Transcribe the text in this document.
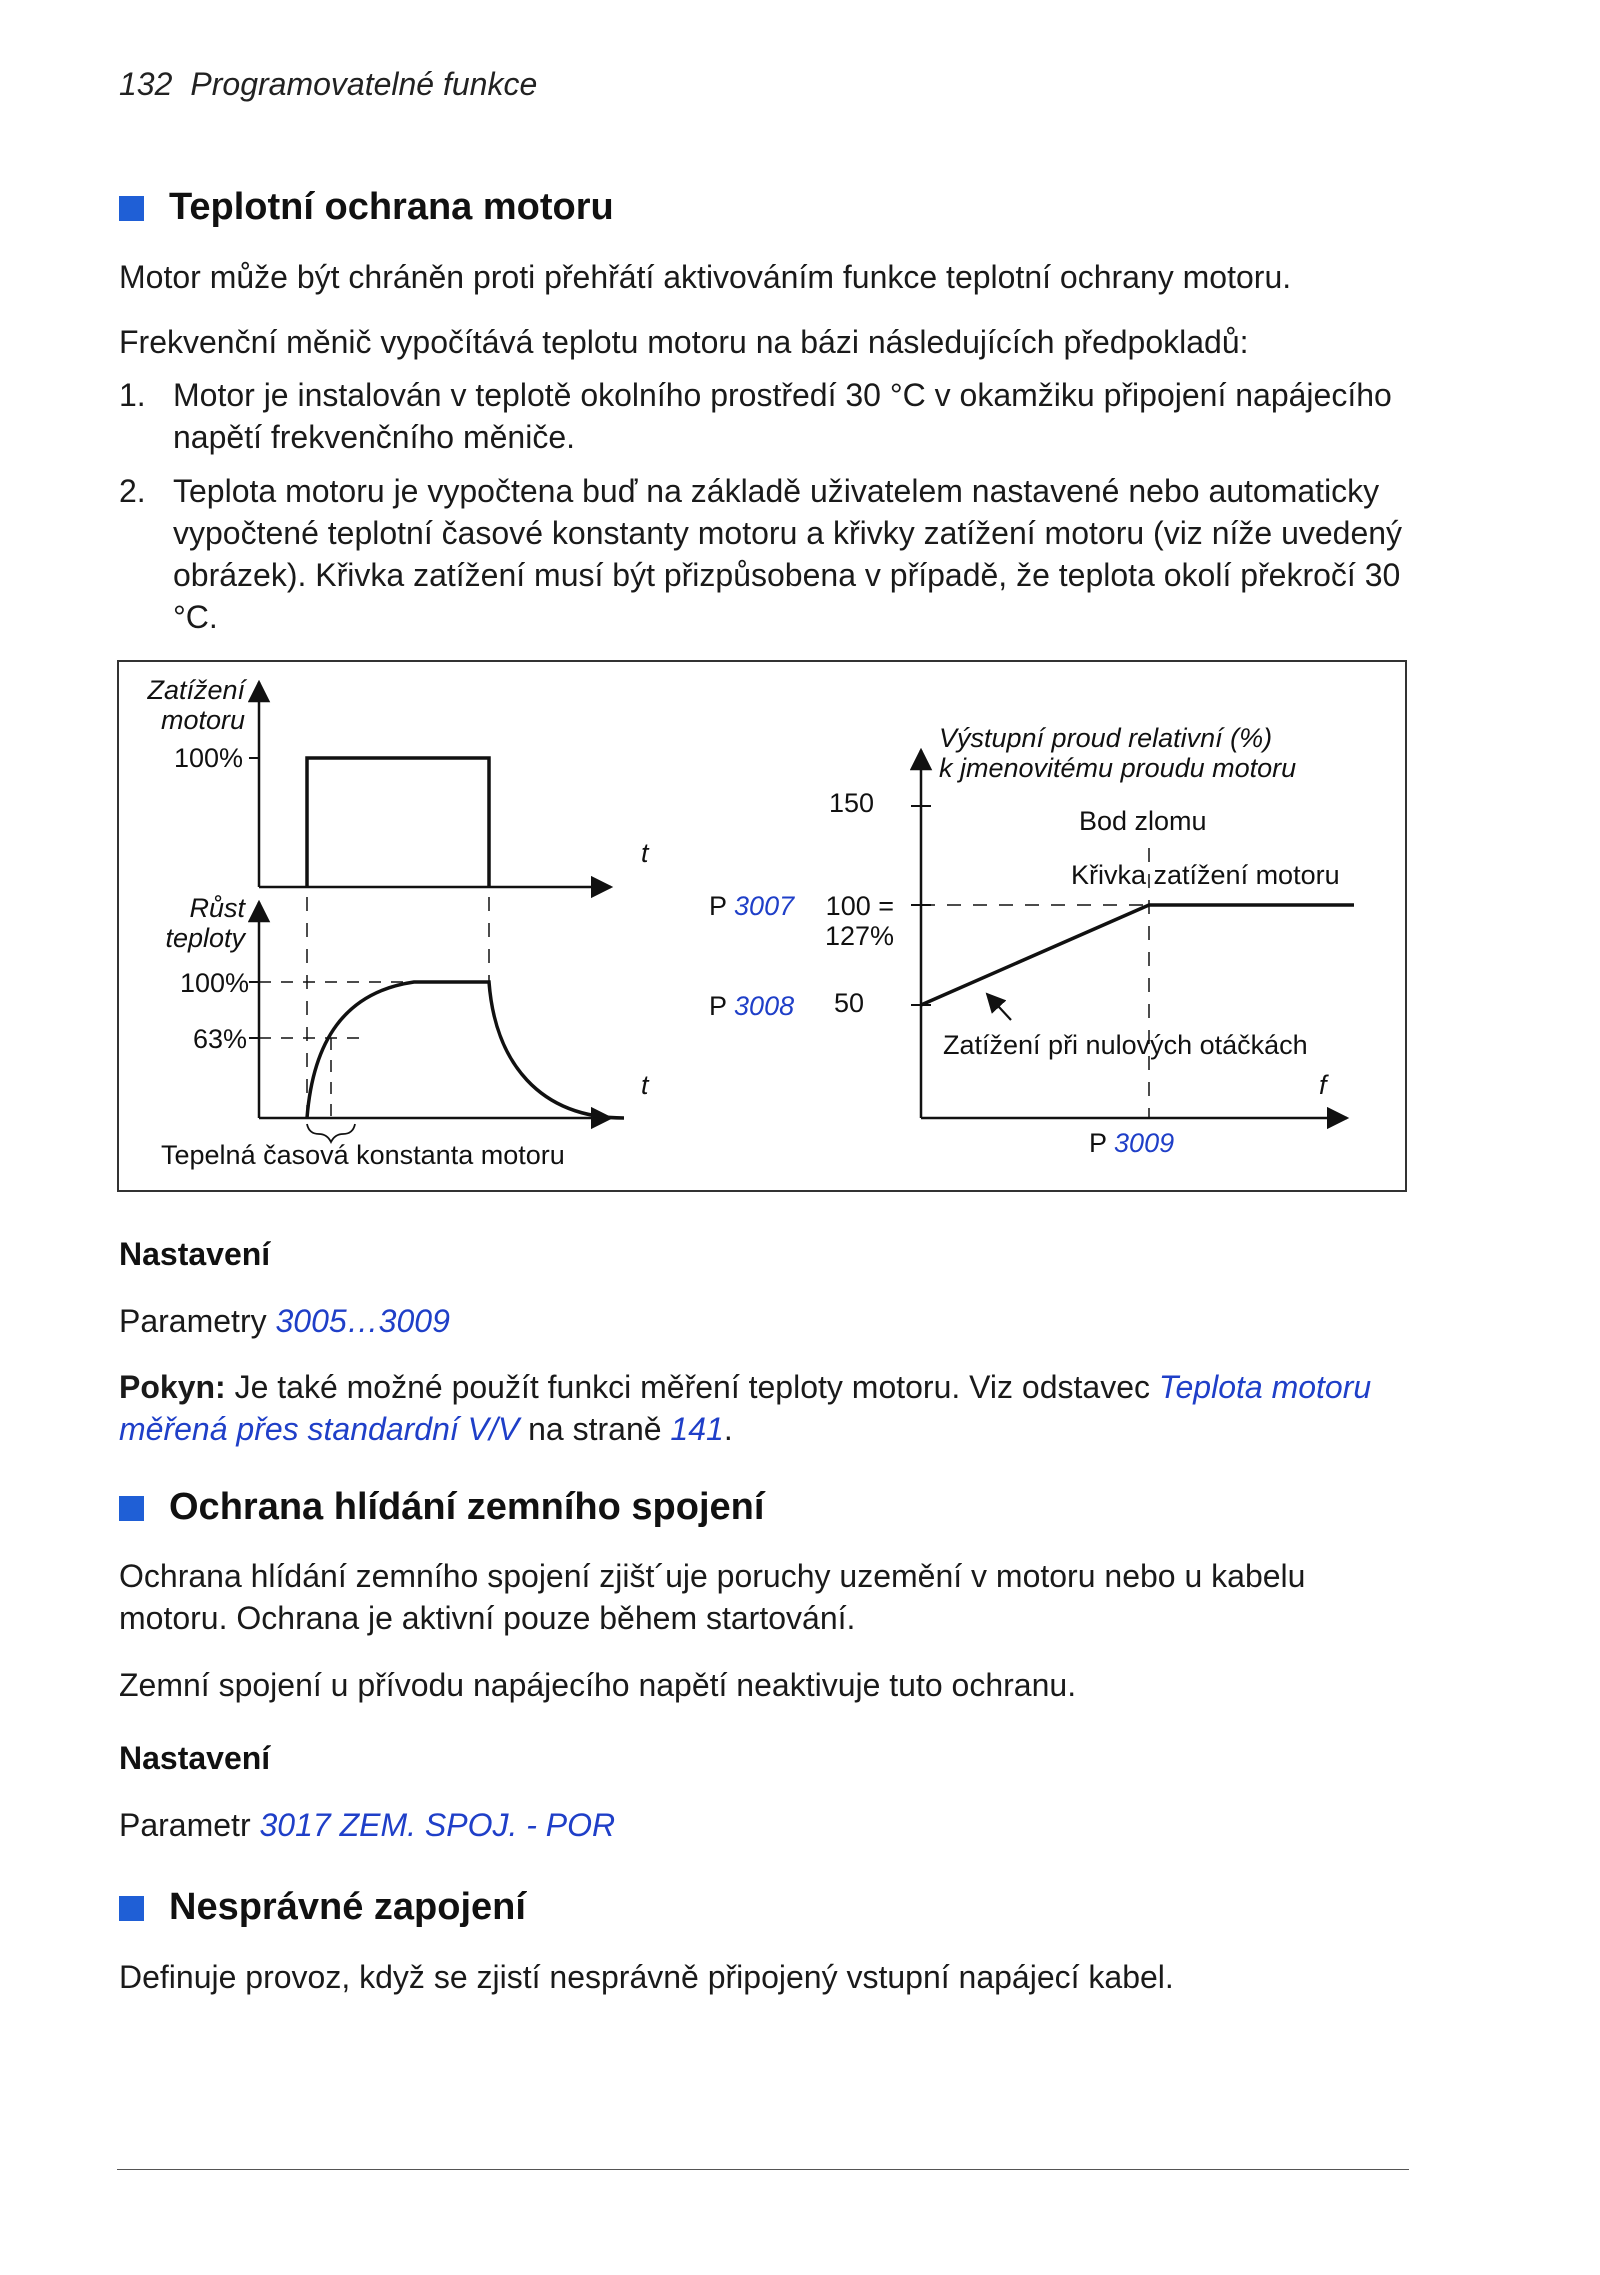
132 Programovatelné funkce
Teplotní ochrana motoru
Motor může být chráněn proti přehřátí aktivováním funkce teplotní ochrany motoru.
Frekvenční měnič vypočítává teplotu motoru na bázi následujících předpokladů:
1. Motor je instalován v teplotě okolního prostředí 30 °C v okamžiku připojení napájecího napětí frekvenčního měniče.
2. Teplota motoru je vypočtena buď na základě uživatelem nastavené nebo automaticky vypočtené teplotní časové konstanty motoru a křivky zatížení motoru (viz níže uvedený obrázek). Křivka zatížení musí být přizpůsobena v případě, že teplota okolí překročí 30 °C.
Zatížení
motoru
100%
t
Růst
teploty
100%
63%
t
Tepelná časová konstanta motoru
Výstupní proud relativní (%)
k jmenovitému proudu motoru
150
Bod zlomu
Křivka zatížení motoru
P 3007 100 =
127%
P 3008 50
Zatížení při nulových otáčkách
f
P 3009
Nastavení
Parametry 3005…3009
Pokyn: Je také možné použít funkci měření teploty motoru. Viz odstavec Teplota motoru měřená přes standardní V/V na straně 141.
Ochrana hlídání zemního spojení
Ochrana hlídání zemního spojení zjišt´uje poruchy uzemění v motoru nebo u kabelu motoru. Ochrana je aktivní pouze během startování.
Zemní spojení u přívodu napájecího napětí neaktivuje tuto ochranu.
Nastavení
Parametr 3017 ZEM. SPOJ. - POR
Nesprávné zapojení
Definuje provoz, když se zjistí nesprávně připojený vstupní napájecí kabel.
